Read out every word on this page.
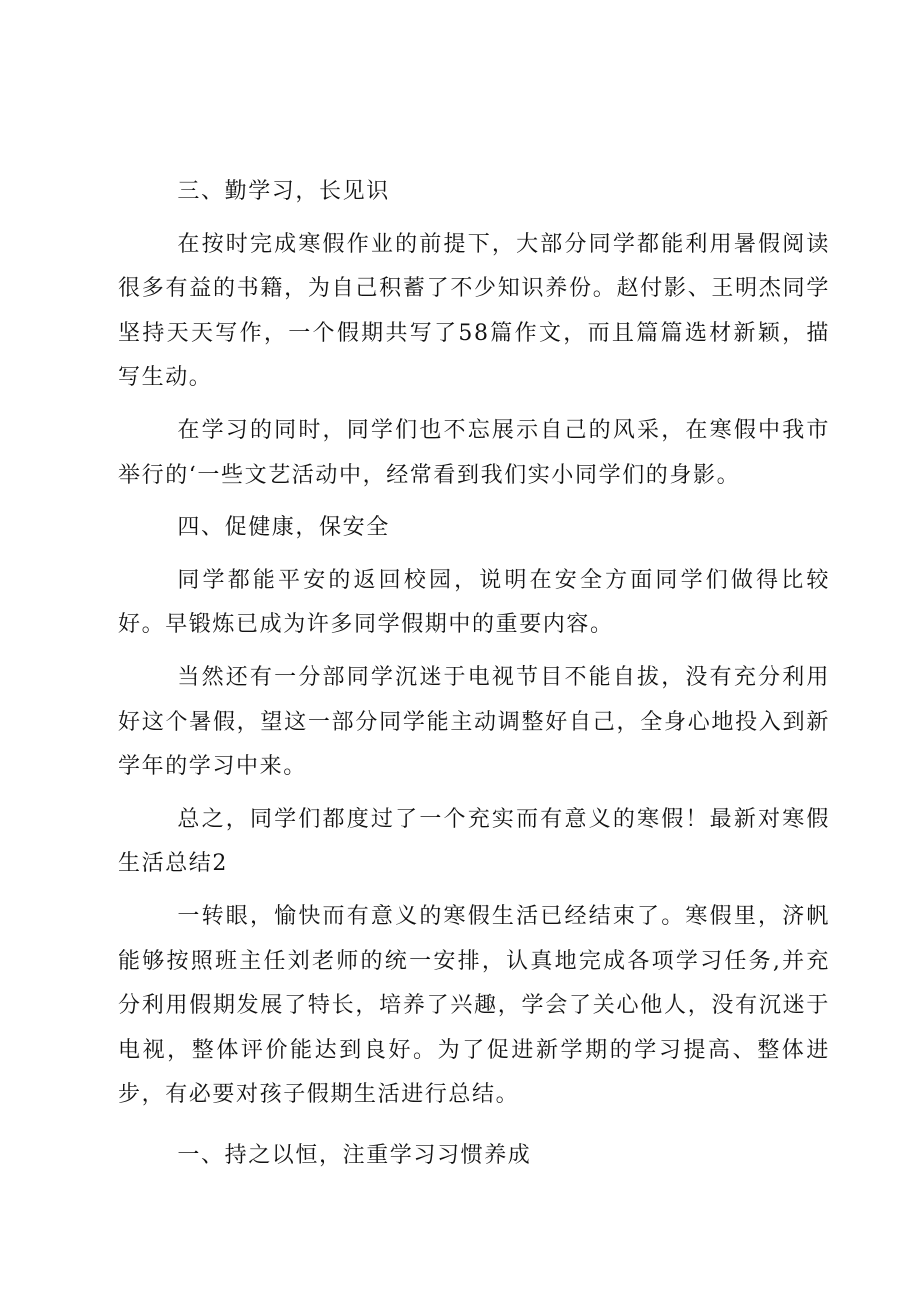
三、勤学习，长见识

在按时完成寒假作业的前提下，大部分同学都能利用暑假阅读很多有益的书籍，为自己积蓄了不少知识养份。赵付影、王明杰同学坚持天天写作，一个假期共写了58篇作文，而且篇篇选材新颖，描写生动。

在学习的同时，同学们也不忘展示自己的风采，在寒假中我市举行的‘一些文艺活动中，经常看到我们实小同学们的身影。

四、促健康，保安全

同学都能平安的返回校园，说明在安全方面同学们做得比较好。早锻炼已成为许多同学假期中的重要内容。

当然还有一分部同学沉迷于电视节目不能自拔，没有充分利用好这个暑假，望这一部分同学能主动调整好自己，全身心地投入到新学年的学习中来。

总之，同学们都度过了一个充实而有意义的寒假！最新对寒假生活总结2

一转眼，愉快而有意义的寒假生活已经结束了。寒假里，济帆能够按照班主任刘老师的统一安排，认真地完成各项学习任务,并充分利用假期发展了特长，培养了兴趣，学会了关心他人，没有沉迷于电视，整体评价能达到良好。为了促进新学期的学习提高、整体进步，有必要对孩子假期生活进行总结。

一、持之以恒，注重学习习惯养成
